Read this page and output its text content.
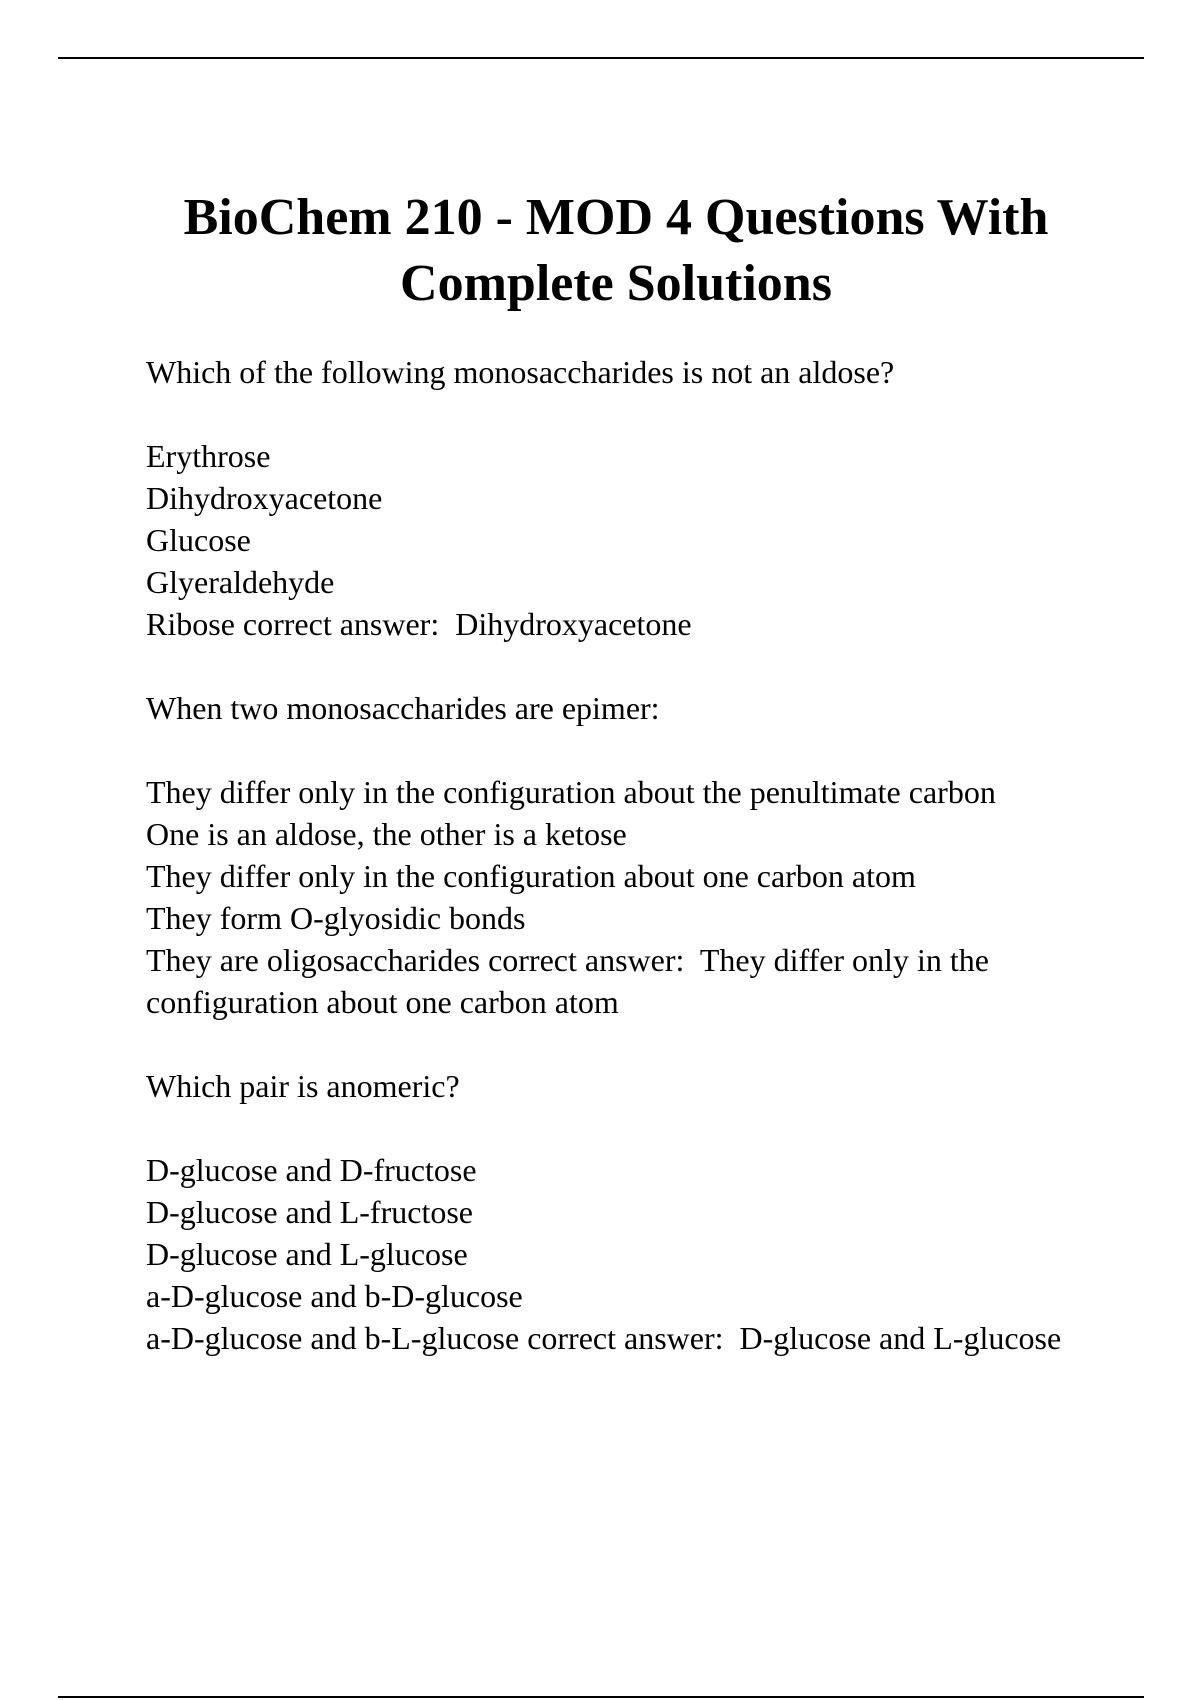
BioChem 210 - MOD 4 Questions With
Complete Solutions

Which of the following monosaccharides is not an aldose?

Erythrose
Dihydroxyacetone
Glucose
Glyeraldehyde
Ribose correct answer:  Dihydroxyacetone

When two monosaccharides are epimer:

They differ only in the configuration about the penultimate carbon
One is an aldose, the other is a ketose
They differ only in the configuration about one carbon atom
They form O-glyosidic bonds
They are oligosaccharides correct answer:  They differ only in the configuration about one carbon atom

Which pair is anomeric?

D-glucose and D-fructose
D-glucose and L-fructose
D-glucose and L-glucose
a-D-glucose and b-D-glucose
a-D-glucose and b-L-glucose correct answer:  D-glucose and L-glucose
